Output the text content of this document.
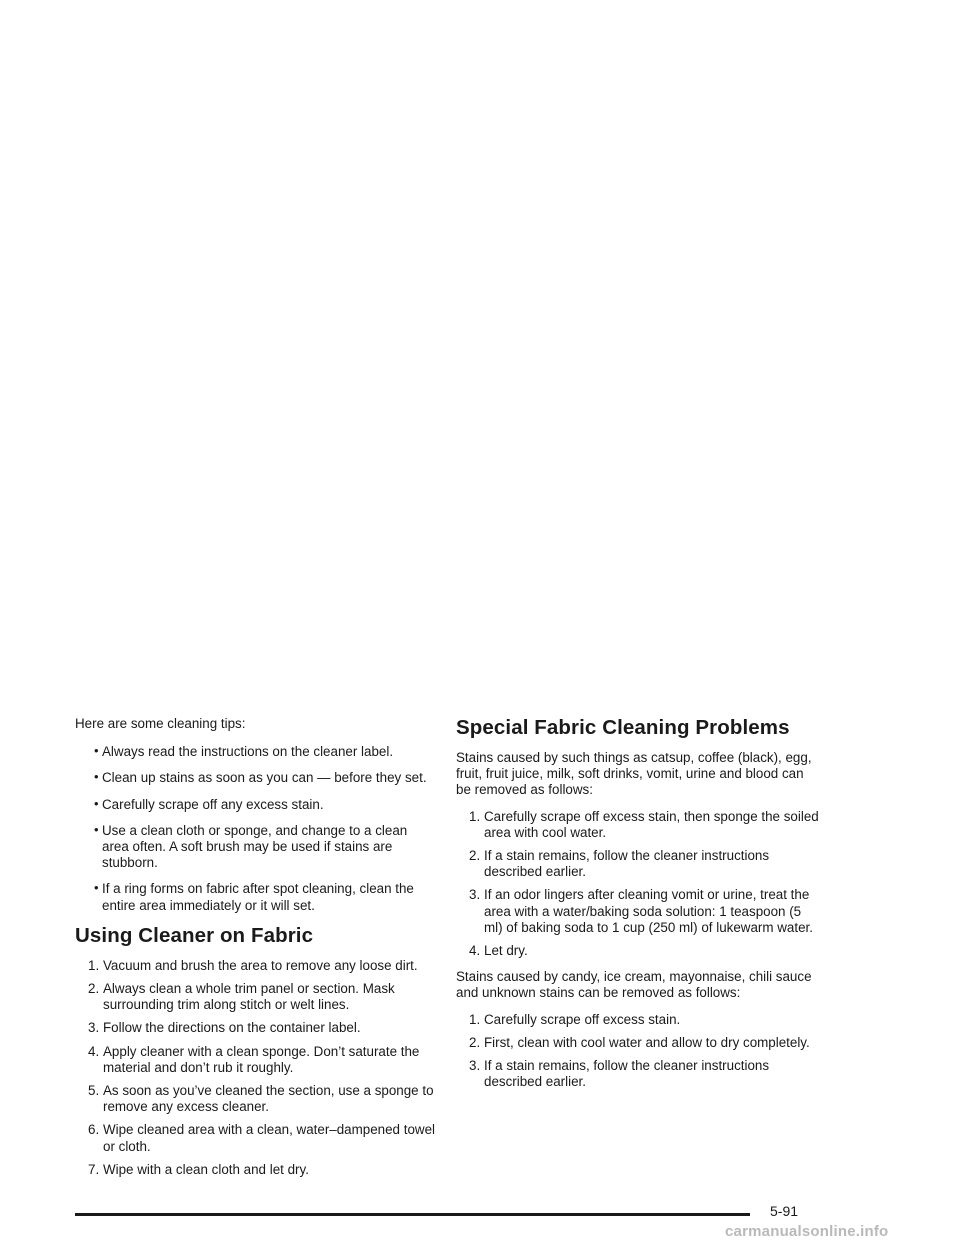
Here are some cleaning tips:

• Always read the instructions on the cleaner label.
• Clean up stains as soon as you can — before they set.
• Carefully scrape off any excess stain.
• Use a clean cloth or sponge, and change to a clean area often. A soft brush may be used if stains are stubborn.
• If a ring forms on fabric after spot cleaning, clean the entire area immediately or it will set.
Using Cleaner on Fabric
1. Vacuum and brush the area to remove any loose dirt.
2. Always clean a whole trim panel or section. Mask surrounding trim along stitch or welt lines.
3. Follow the directions on the container label.
4. Apply cleaner with a clean sponge. Don’t saturate the material and don’t rub it roughly.
5. As soon as you’ve cleaned the section, use a sponge to remove any excess cleaner.
6. Wipe cleaned area with a clean, water–dampened towel or cloth.
7. Wipe with a clean cloth and let dry.
Special Fabric Cleaning Problems

Stains caused by such things as catsup, coffee (black), egg, fruit, fruit juice, milk, soft drinks, vomit, urine and blood can be removed as follows:

1. Carefully scrape off excess stain, then sponge the soiled area with cool water.
2. If a stain remains, follow the cleaner instructions described earlier.
3. If an odor lingers after cleaning vomit or urine, treat the area with a water/baking soda solution: 1 teaspoon (5 ml) of baking soda to 1 cup (250 ml) of lukewarm water.
4. Let dry.

Stains caused by candy, ice cream, mayonnaise, chili sauce and unknown stains can be removed as follows:

1. Carefully scrape off excess stain.
2. First, clean with cool water and allow to dry completely.
3. If a stain remains, follow the cleaner instructions described earlier.
5-91
carmanualsonline.info
